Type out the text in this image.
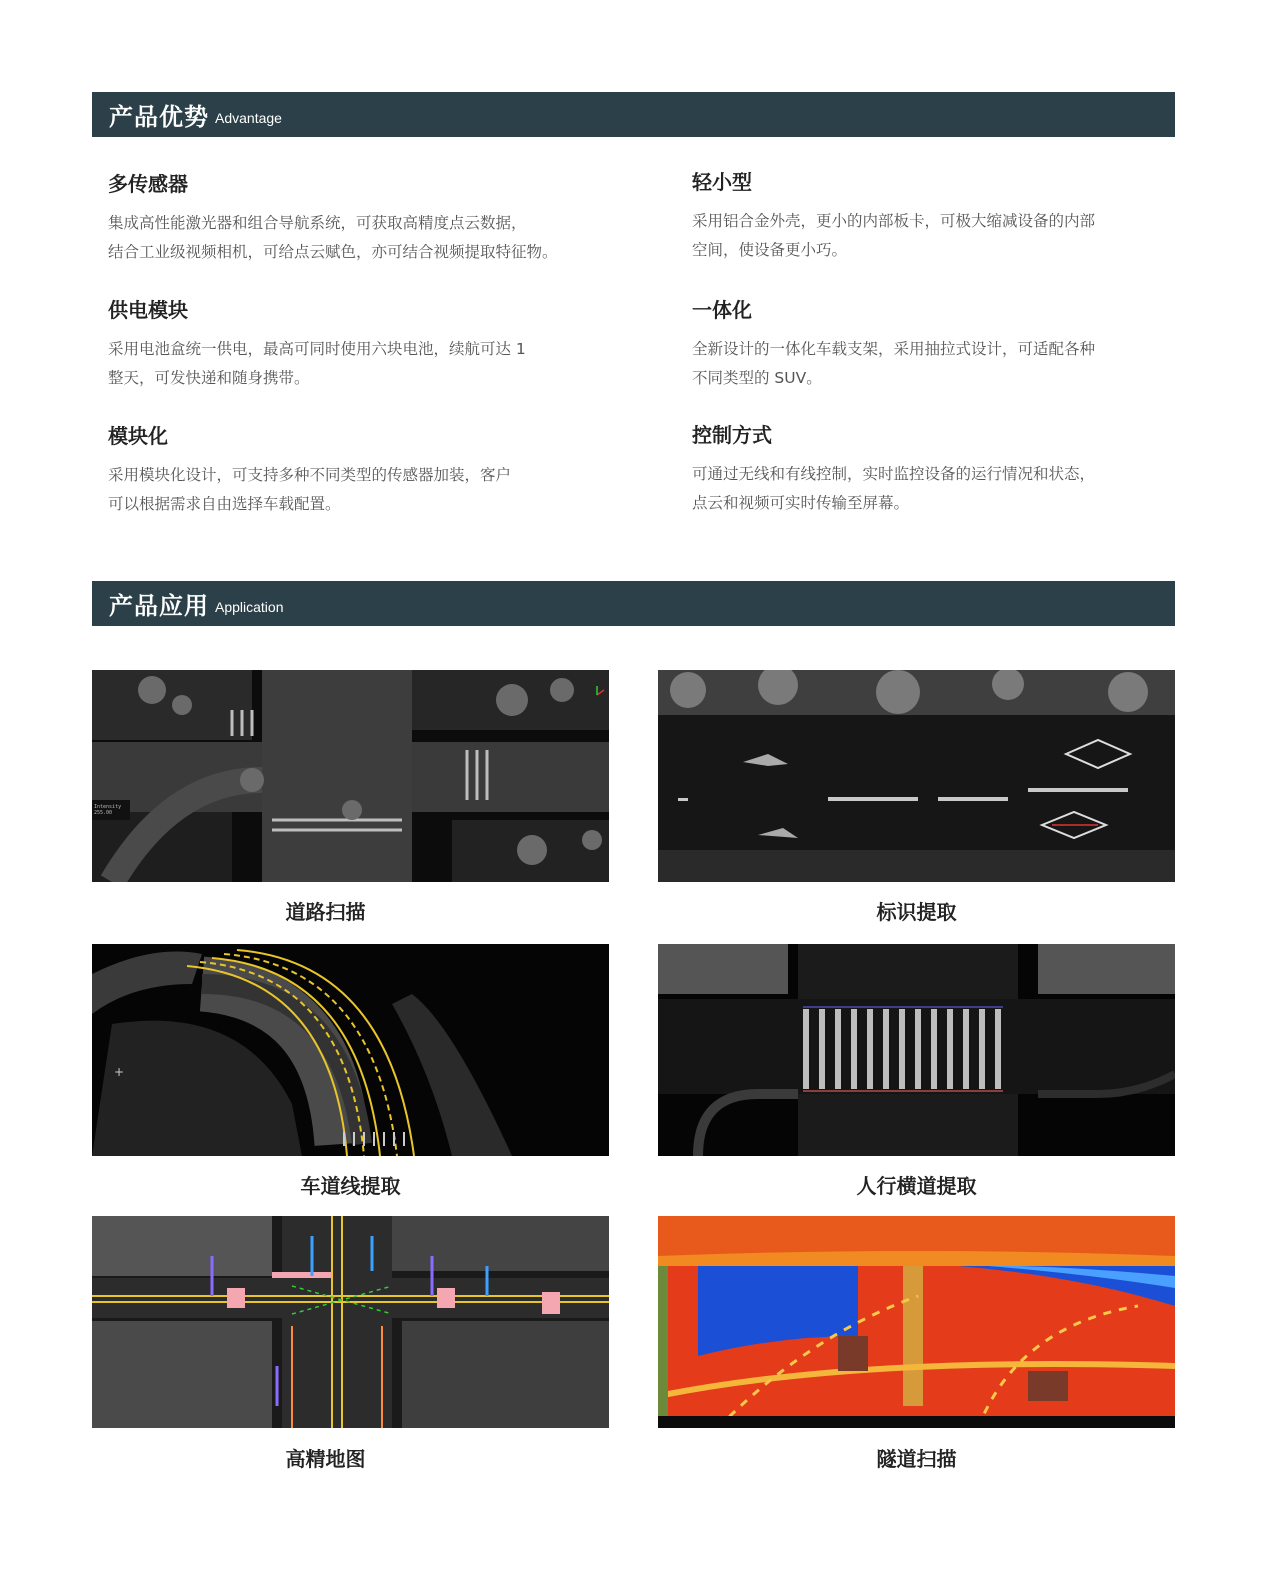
产品优势 Advantage
多传感器

集成高性能激光器和组合导航系统，可获取高精度点云数据，
结合工业级视频相机，可给点云赋色，亦可结合视频提取特征物。

轻小型

采用铝合金外壳，更小的内部板卡，可极大缩减设备的内部
空间，使设备更小巧。

供电模块

采用电池盒统一供电，最高可同时使用六块电池，续航可达 1
整天，可发快递和随身携带。

一体化

全新设计的一体化车载支架，采用抽拉式设计，可适配各种
不同类型的 SUV。

模块化

采用模块化设计，可支持多种不同类型的传感器加装，客户
可以根据需求自由选择车载配置。

控制方式

可通过无线和有线控制，实时监控设备的运行情况和状态，
点云和视频可实时传输至屏幕。

产品应用 Application
Intensity 255.00
道路扫描	标识提取
+
车道线提取	人行横道提取
高精地图	隧道扫描
